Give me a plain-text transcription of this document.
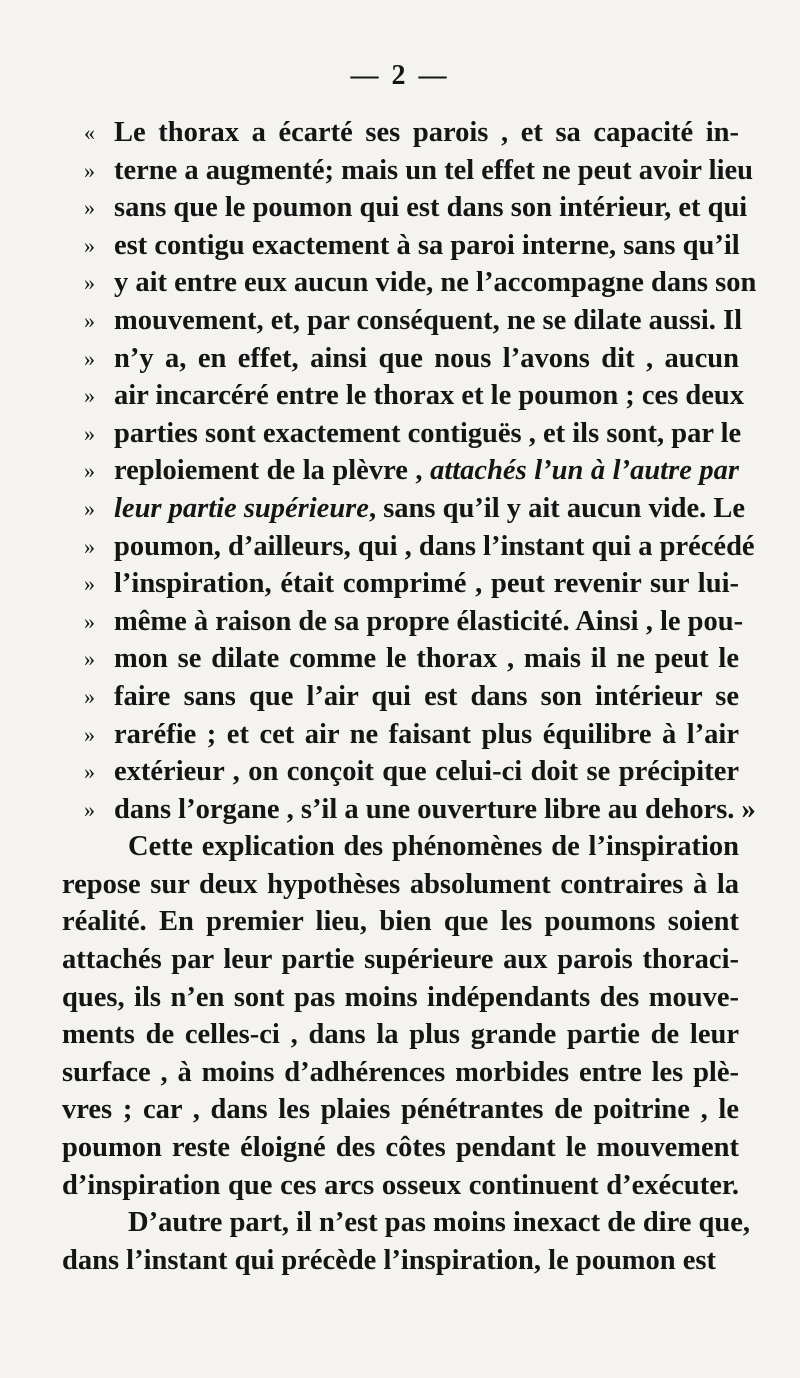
— 2 —
« Le thorax a écarté ses parois , et sa capacité in-
» terne a augmenté; mais un tel effet ne peut avoir lieu
» sans que le poumon qui est dans son intérieur, et qui
» est contigu exactement à sa paroi interne, sans qu’il
» y ait entre eux aucun vide, ne l’accompagne dans son
» mouvement, et, par conséquent, ne se dilate aussi. Il
» n’y a, en effet, ainsi que nous l’avons dit , aucun
» air incarcéré entre le thorax et le poumon ; ces deux
» parties sont exactement contiguës , et ils sont, par le
» reploiement de la plèvre , attachés l’un à l’autre par
» leur partie supérieure, sans qu’il y ait aucun vide. Le
» poumon, d’ailleurs, qui , dans l’instant qui a précédé
» l’inspiration, était comprimé , peut revenir sur lui-
» même à raison de sa propre élasticité. Ainsi , le pou-
» mon se dilate comme le thorax , mais il ne peut le
» faire sans que l’air qui est dans son intérieur se
» raréfie ; et cet air ne faisant plus équilibre à l’air
» extérieur , on conçoit que celui-ci doit se précipiter
» dans l’organe , s’il a une ouverture libre au dehors. »
Cette explication des phénomènes de l’inspiration
repose sur deux hypothèses absolument contraires à la
réalité. En premier lieu, bien que les poumons soient
attachés par leur partie supérieure aux parois thoraci-
ques, ils n’en sont pas moins indépendants des mouve-
ments de celles-ci , dans la plus grande partie de leur
surface , à moins d’adhérences morbides entre les plè-
vres ; car , dans les plaies pénétrantes de poitrine , le
poumon reste éloigné des côtes pendant le mouvement
d’inspiration que ces arcs osseux continuent d’exécuter.
D’autre part, il n’est pas moins inexact de dire que,
dans l’instant qui précède l’inspiration, le poumon est
